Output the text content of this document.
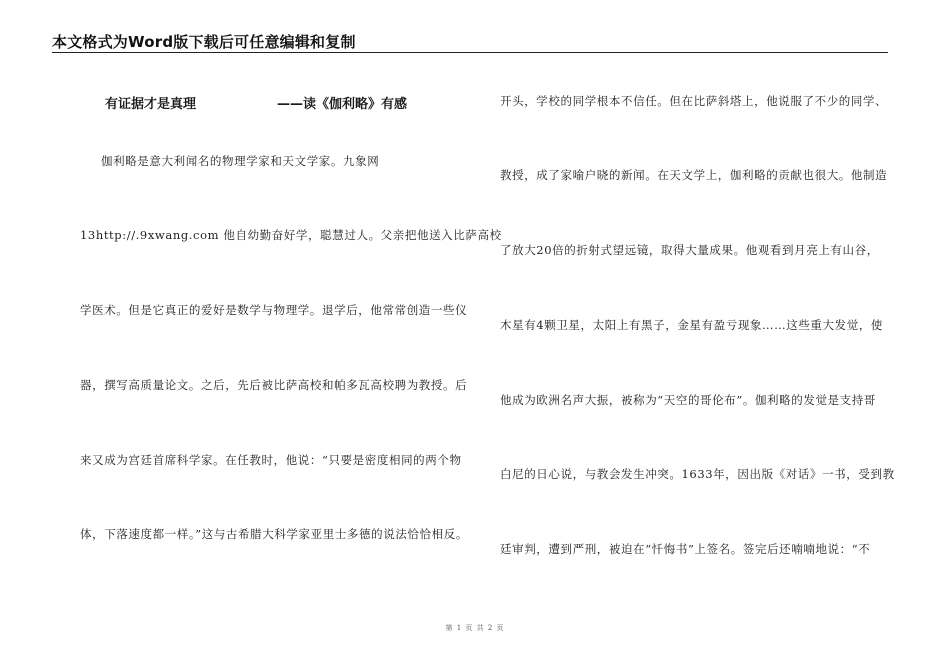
本文格式为Word版下载后可任意编辑和复制
有证据才是真理	——读《伽利略》有感
伽利略是意大利闻名的物理学家和天文学家。九象网
13http://.9xwang.com 他自幼勤奋好学，聪慧过人。父亲把他送入比萨高校
学医术。但是它真正的爱好是数学与物理学。退学后，他常常创造一些仪
器，撰写高质量论文。之后，先后被比萨高校和帕多瓦高校聘为教授。后
来又成为宫廷首席科学家。在任教时，他说：“只要是密度相同的两个物
体，下落速度都一样。”这与古希腊大科学家亚里士多德的说法恰恰相反。
开头，学校的同学根本不信任。但在比萨斜塔上，他说服了不少的同学、
教授，成了家喻户晓的新闻。在天文学上，伽利略的贡献也很大。他制造
了放大20倍的折射式望远镜，取得大量成果。他观看到月亮上有山谷，
木星有4颗卫星，太阳上有黑子，金星有盈亏现象……这些重大发觉，使
他成为欧洲名声大振，被称为“天空的哥伦布”。伽利略的发觉是支持哥
白尼的日心说，与教会发生冲突。1633年，因出版《对话》一书，受到教
廷审判，遭到严刑，被迫在“忏悔书”上签名。签完后还喃喃地说：“不
第 1 页 共 2 页
